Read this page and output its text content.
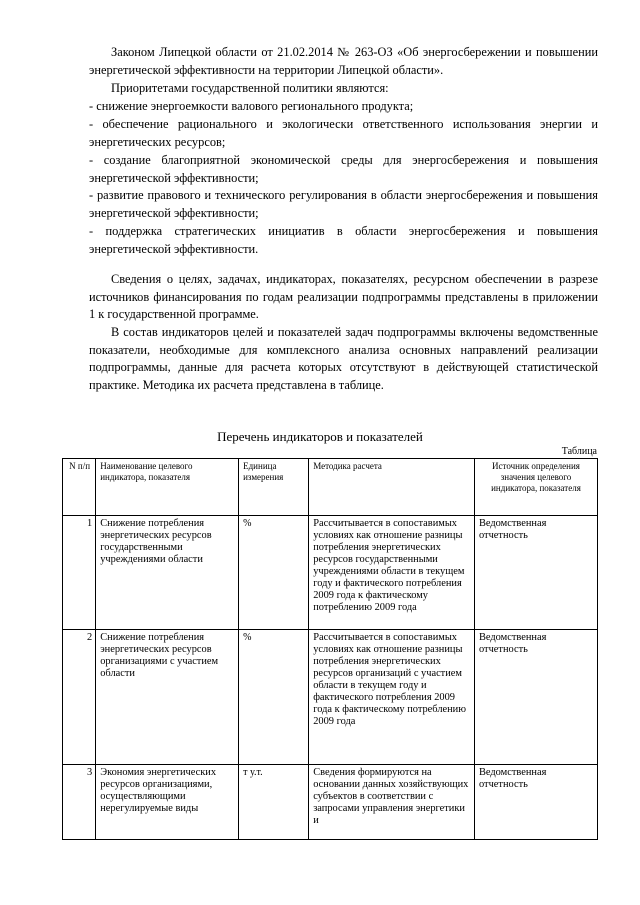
Законом Липецкой области от 21.02.2014 № 263-ОЗ «Об энергосбережении и повышении энергетической эффективности на территории Липецкой области».

Приоритетами государственной политики являются:

- снижение энергоемкости валового регионального продукта;

- обеспечение рационального и экологически ответственного использования энергии и энергетических ресурсов;

- создание благоприятной экономической среды для энергосбережения и повышения энергетической эффективности;

- развитие правового и технического регулирования в области энергосбережения и повышения энергетической эффективности;

- поддержка стратегических инициатив в области энергосбережения и повышения энергетической эффективности.

Сведения о целях, задачах, индикаторах, показателях, ресурсном обеспечении в разрезе источников финансирования по годам реализации подпрограммы представлены в приложении 1 к государственной программе.

В состав индикаторов целей и показателей задач подпрограммы включены ведомственные показатели, необходимые для комплексного анализа основных направлений реализации подпрограммы, данные для расчета которых отсутствуют в действующей статистической практике. Методика их расчета представлена в таблице.

Перечень индикаторов и показателей
Таблица
N п/п	Наименование целевого индикатора, показателя	Единица измерения	Методика расчета	Источник определения значения целевого индикатора, показателя
1	Снижение потребления энергетических ресурсов государственными учреждениями области	%	Рассчитывается в сопоставимых условиях как отношение разницы потребления энергетических ресурсов государственными учреждениями области в текущем году и фактического потребления 2009 года к фактическому потреблению 2009 года	Ведомственная отчетность
2	Снижение потребления энергетических ресурсов организациями с участием области	%	Рассчитывается в сопоставимых условиях как отношение разницы потребления энергетических ресурсов организаций с участием области в текущем году и фактического потребления 2009 года к фактическому потреблению 2009 года	Ведомственная отчетность
3	Экономия энергетических ресурсов организациями, осуществляющими нерегулируемые виды	т у.т.	Сведения формируются на основании данных хозяйствующих субъектов в соответствии с запросами управления энергетики и	Ведомственная отчетность
